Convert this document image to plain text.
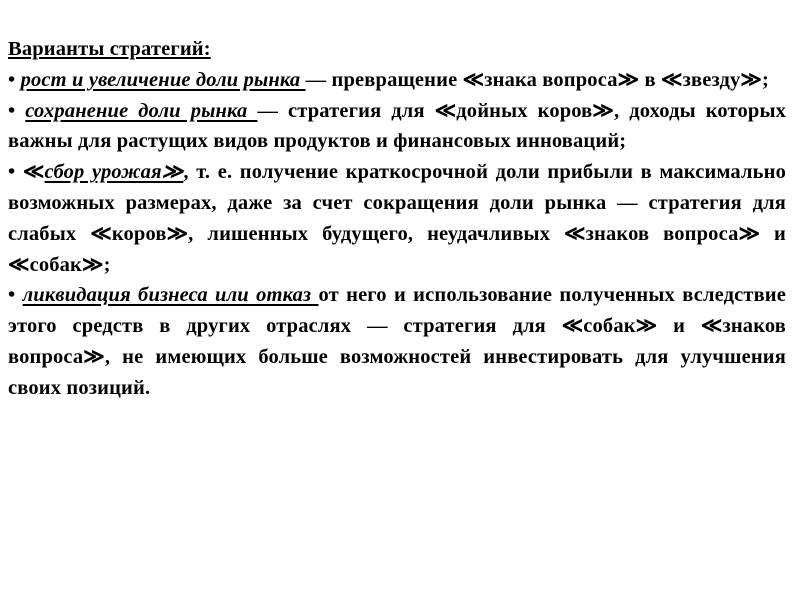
Варианты стратегий:
• рост и увеличение доли рынка — превращение ≪знака вопроса≫ в ≪звезду≫;
• сохранение доли рынка — стратегия для ≪дойных коров≫, доходы которых важны для растущих видов продуктов и финансовых инноваций;
• ≪сбор урожая≫, т. е. получение краткосрочной доли прибыли в максимально возможных размерах, даже за счет сокращения доли рынка — стратегия для слабых ≪коров≫, лишенных будущего, неудачливых ≪знаков вопроса≫ и ≪собак≫;
• ликвидация бизнеса или отказ от него и использование полученных вследствие этого средств в других отраслях — стратегия для ≪собак≫ и ≪знаков вопроса≫, не имеющих больше возможностей инвестировать для улучшения своих позиций.
